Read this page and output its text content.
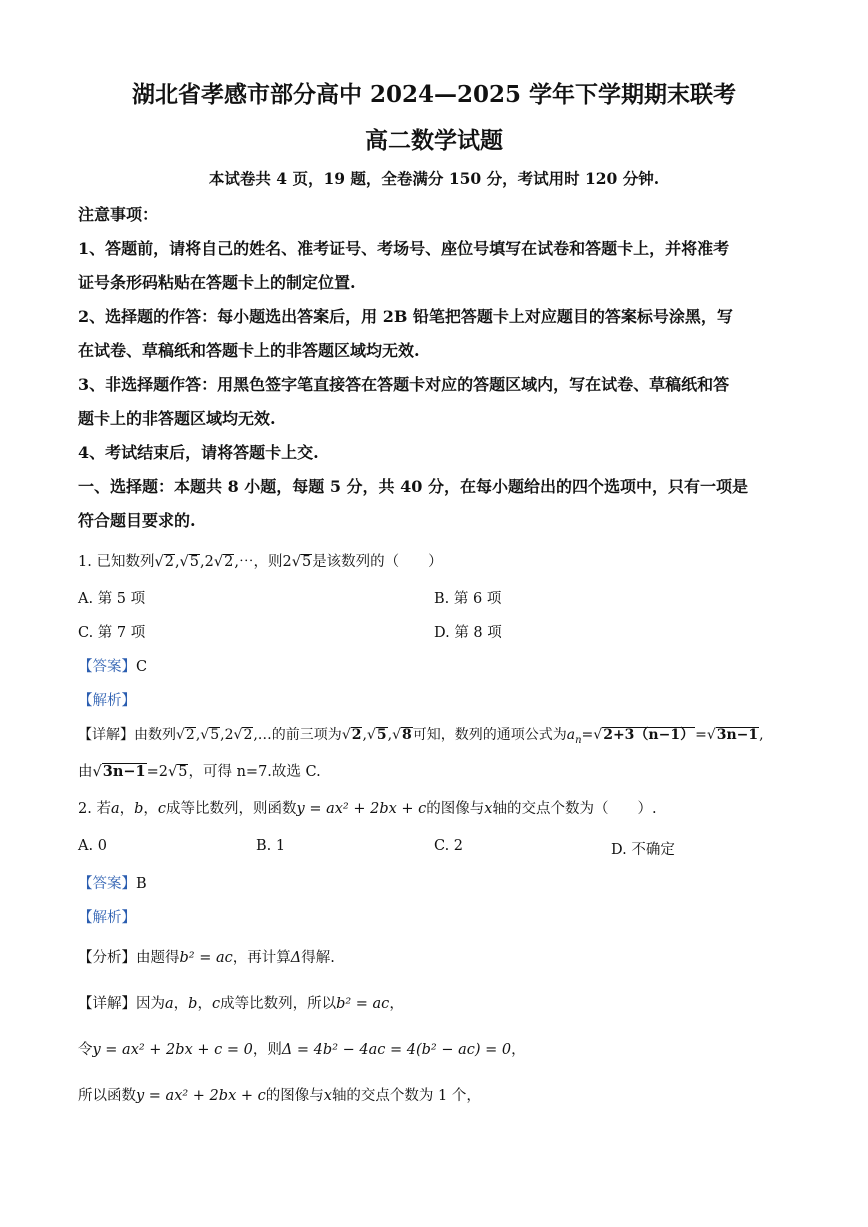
湖北省孝感市部分高中 2024—2025 学年下学期期末联考
高二数学试题
本试卷共 4 页，19 题，全卷满分 150 分，考试用时 120 分钟.
注意事项：
1、答题前，请将自己的姓名、准考证号、考场号、座位号填写在试卷和答题卡上，并将准考
证号条形码粘贴在答题卡上的制定位置.
2、选择题的作答：每小题选出答案后，用 2B 铅笔把答题卡上对应题目的答案标号涂黑，写
在试卷、草稿纸和答题卡上的非答题区域均无效.
3、非选择题作答：用黑色签字笔直接答在答题卡对应的答题区域内，写在试卷、草稿纸和答
题卡上的非答题区域均无效.
4、考试结束后，请将答题卡上交.
一、选择题：本题共 8 小题，每题 5 分，共 40 分，在每小题给出的四个选项中，只有一项是
符合题目要求的.
1. 已知数列√2,√5,2√2,⋯，则2√5是该数列的（　　）
A. 第 5 项	B. 第 6 项
C. 第 7 项	D. 第 8 项
【答案】C
【解析】
【详解】由数列√2,√5,2√2,…的前三项为√2,√5,√8可知，数列的通项公式为$a_n=√2+3(n-1)=√3n-1$,
由√3n−1=2√5，可得 n=7.故选 C.
2. 若a，b，c成等比数列，则函数y = ax² + 2bx + c的图像与x轴的交点个数为（　　）.
A. 0	B. 1	C. 2	D. 不确定
【答案】B
【解析】
【分析】由题得b² = ac，再计算Δ得解.
【详解】因为a，b，c成等比数列，所以b² = ac，
令y = ax² + 2bx + c = 0，则Δ = 4b² − 4ac = 4(b² − ac) = 0，
所以函数y = ax² + 2bx + c的图像与x轴的交点个数为 1 个，
